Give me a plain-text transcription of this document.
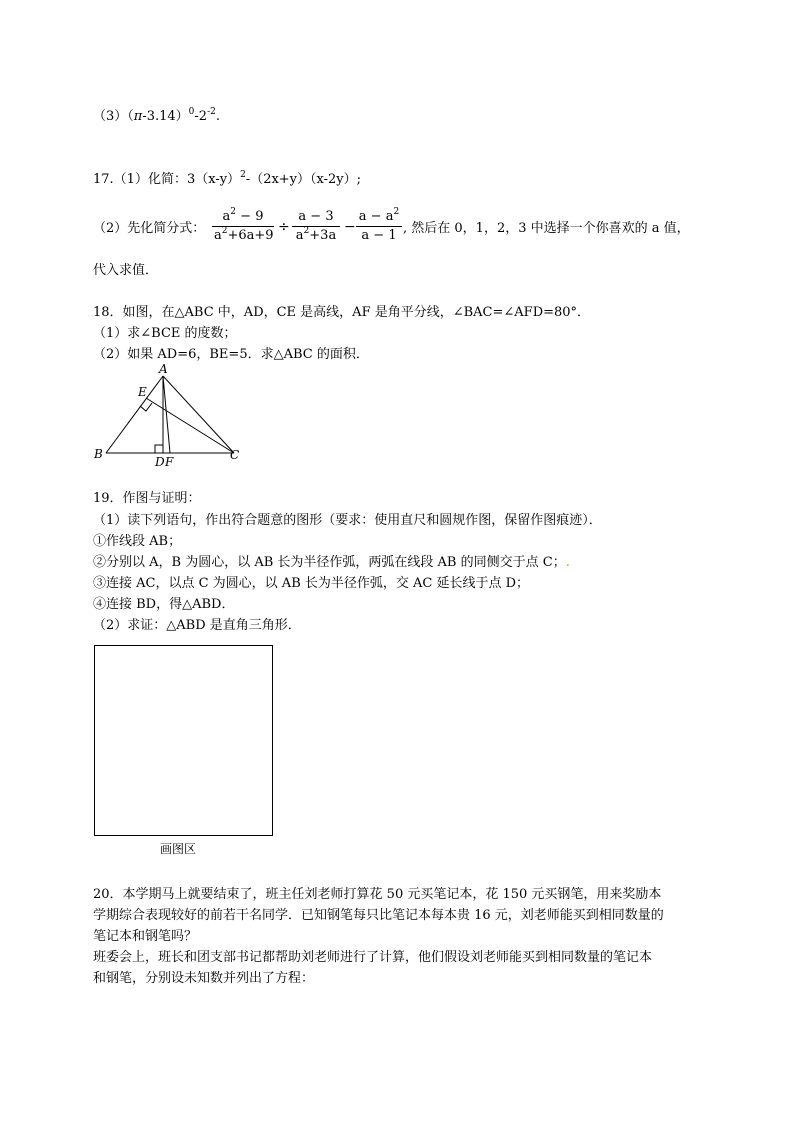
$(3)(\pi-3.14)^0-2^{-2}$.
17.（1）化简：$3(x-y)^2-(2x+y)(x-2y)$;
（2）先化简分式：
$a^2 - 9$
$a^2+6a+9$
÷
a − 3
$a^2+3a$
−
$a - a^2$
a − 1 , 然后在 0，1，2，3 中选择一个你喜欢的 a 值，
代入求值．
18．如图，在△ABC 中，AD，CE 是高线，AF 是角平分线，∠BAC=∠AFD=80°．
（1）求∠BCE 的度数；
（2）如果 AD=6，BE=5．求△ABC 的面积．
A
E
B
D F	C
19．作图与证明：
（1）读下列语句，作出符合题意的图形（要求：使用直尺和圆规作图，保留作图痕迹）．
①作线段 AB；
②分别以 A，B 为圆心，以 AB 长为半径作弧，两弧在线段 AB 的同侧交于点 C；.
③连接 AC，以点 C 为圆心，以 AB 长为半径作弧，交 AC 延长线于点 D；
④连接 BD，得△ABD．
（2）求证：△ABD 是直角三角形．
画图区
20．本学期马上就要结束了，班主任刘老师打算花 50 元买笔记本，花 150 元买钢笔，用来奖励本
学期综合表现较好的前若干名同学．已知钢笔每只比笔记本每本贵 16 元，刘老师能买到相同数量的
笔记本和钢笔吗？
班委会上，班长和团支部书记都帮助刘老师进行了计算，他们假设刘老师能买到相同数量的笔记本
和钢笔，分别设未知数并列出了方程：
